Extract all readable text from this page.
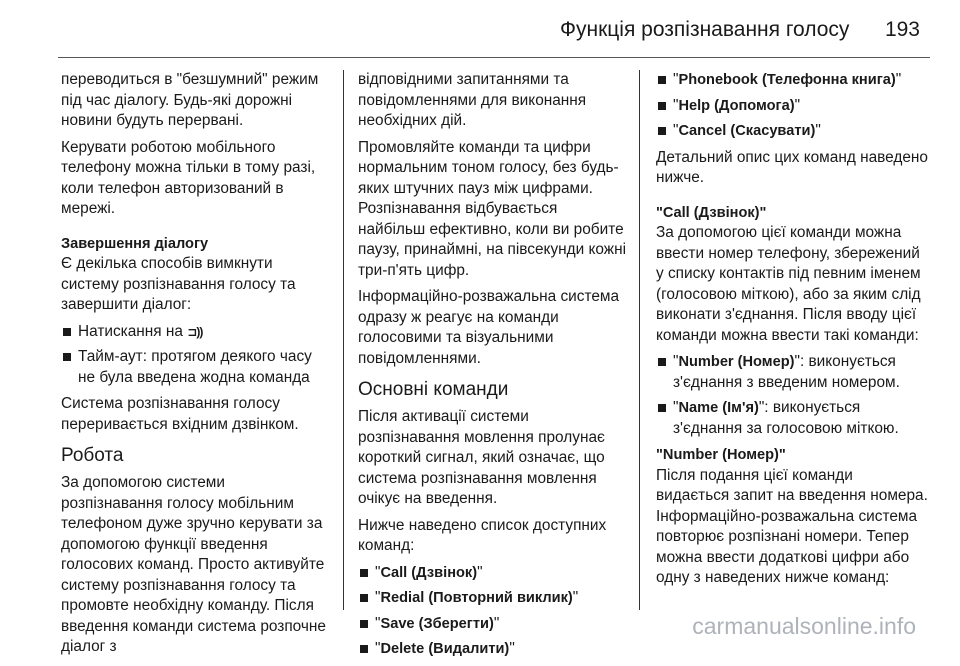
Функція розпізнавання голосу 193

переводиться в "безшумний" режим під час діалогу. Будь-які дорожні новини будуть перервані.

Керувати роботою мобільного телефону можна тільки в тому разі, коли телефон авторизований в мережі.

Завершення діалогу

Є декілька способів вимкнути систему розпізнавання голосу та завершити діалог:

Натискання на ⊐))
Тайм-аут: протягом деякого часу не була введена жодна команда

Система розпізнавання голосу переривається вхідним дзвінком.

Робота

За допомогою системи розпізнавання голосу мобільним телефоном дуже зручно керувати за допомогою функції введення голосових команд. Просто активуйте систему розпізнавання голосу та промовте необхідну команду. Після введення команди система розпочне діалог з

відповідними запитаннями та повідомленнями для виконання необхідних дій.

Промовляйте команди та цифри нормальним тоном голосу, без будь-яких штучних пауз між цифрами. Розпізнавання відбувається найбільш ефективно, коли ви робите паузу, принаймні, на півсекунди кожні три-п'ять цифр.

Інформаційно-розважальна система одразу ж реагує на команди голосовими та візуальними повідомленнями.

Основні команди

Після активації системи розпізнавання мовлення пролунає короткий сигнал, який означає, що система розпізнавання мовлення очікує на введення.

Нижче наведено список доступних команд:

"Call (Дзвінок)"
"Redial (Повторний виклик)"
"Save (Зберегти)"
"Delete (Видалити)"
"Phonebook (Телефонна книга)"
"Help (Допомога)"
"Cancel (Скасувати)"

Детальний опис цих команд наведено нижче.

"Call (Дзвінок)"

За допомогою цієї команди можна ввести номер телефону, збережений у списку контактів під певним іменем (голосовою міткою), або за яким слід виконати з'єднання. Після вводу цієї команди можна ввести такі команди:

"Number (Номер)": виконується з'єднання з введеним номером.
"Name (Ім'я)": виконується з'єднання за голосовою міткою.

"Number (Номер)"

Після подання цієї команди видається запит на введення номера. Інформаційно-розважальна система повторює розпізнані номери. Тепер можна ввести додаткові цифри або одну з наведених нижче команд:

carmanualsonline.info
